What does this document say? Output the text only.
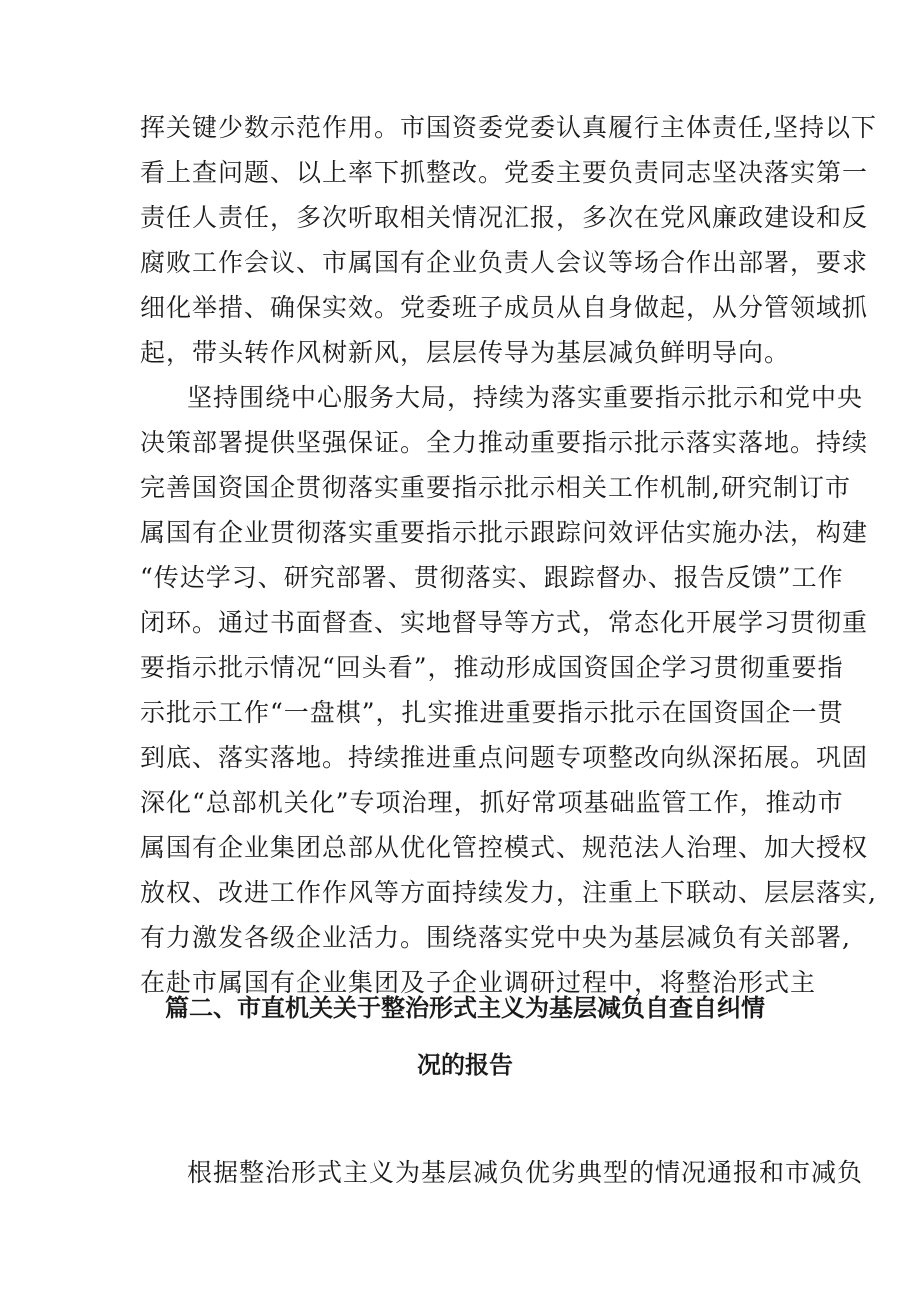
挥关键少数示范作用。市国资委党委认真履行主体责任,坚持以下
看上查问题、以上率下抓整改。党委主要负责同志坚决落实第一
责任人责任，多次听取相关情况汇报，多次在党风廉政建设和反
腐败工作会议、市属国有企业负责人会议等场合作出部署，要求
细化举措、确保实效。党委班子成员从自身做起，从分管领域抓
起，带头转作风树新风，层层传导为基层减负鲜明导向。
坚持围绕中心服务大局，持续为落实重要指示批示和党中央
决策部署提供坚强保证。全力推动重要指示批示落实落地。持续
完善国资国企贯彻落实重要指示批示相关工作机制,研究制订市
属国有企业贯彻落实重要指示批示跟踪问效评估实施办法，构建
“传达学习、研究部署、贯彻落实、跟踪督办、报告反馈”工作
闭环。通过书面督查、实地督导等方式，常态化开展学习贯彻重
要指示批示情况“回头看”，推动形成国资国企学习贯彻重要指
示批示工作“一盘棋”，扎实推进重要指示批示在国资国企一贯
到底、落实落地。持续推进重点问题专项整改向纵深拓展。巩固
深化“总部机关化”专项治理，抓好常项基础监管工作，推动市
属国有企业集团总部从优化管控模式、规范法人治理、加大授权
放权、改进工作作风等方面持续发力，注重上下联动、层层落实,
有力激发各级企业活力。围绕落实党中央为基层减负有关部署,
在赴市属国有企业集团及子企业调研过程中，将整治形式主
篇二、市直机关关于整治形式主义为基层减负自查自纠情
况的报告
根据整治形式主义为基层减负优劣典型的情况通报和市减负
